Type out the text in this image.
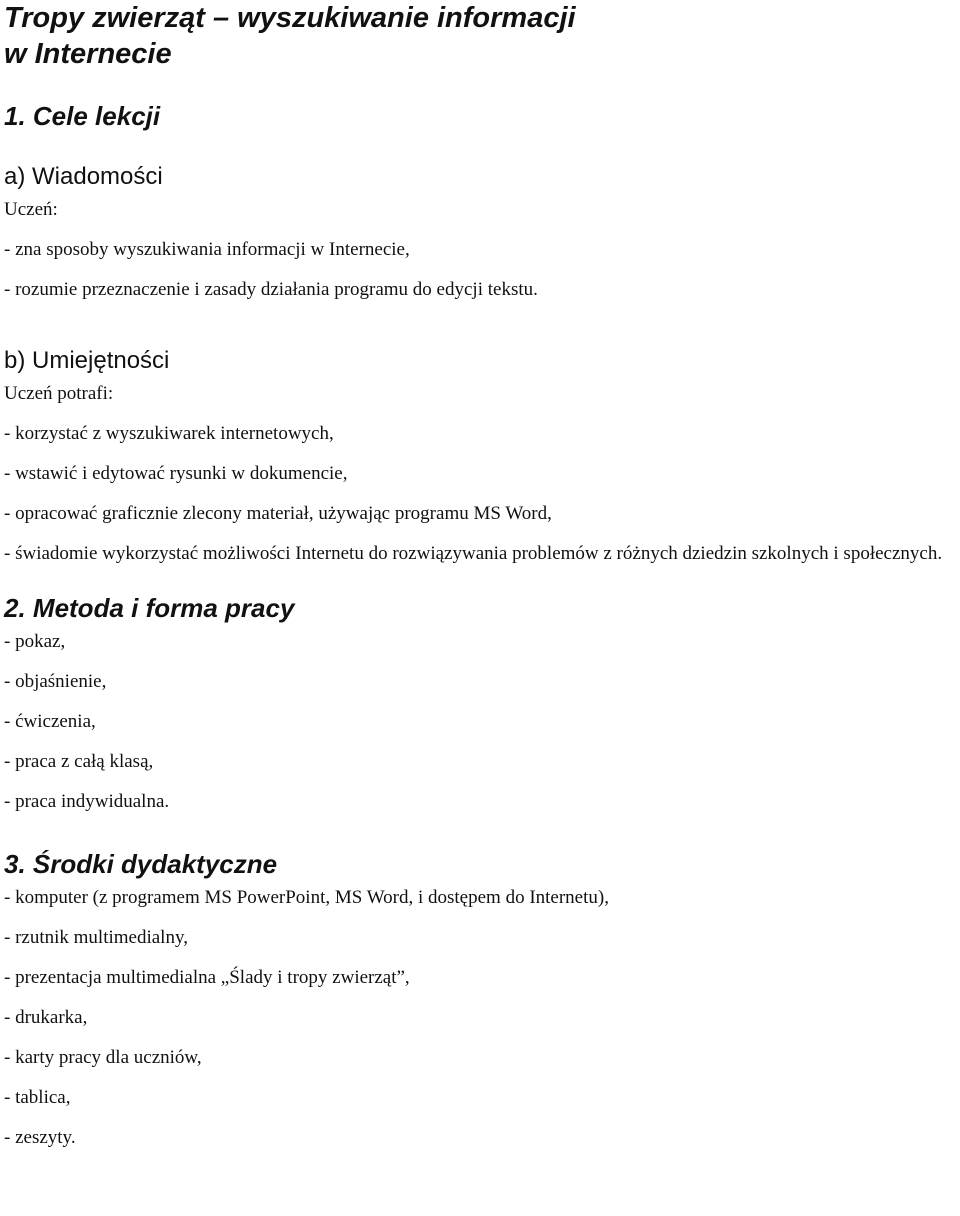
Tropy zwierząt – wyszukiwanie informacji
w Internecie
1. Cele lekcji
a) Wiadomości

Uczeń:

- zna sposoby wyszukiwania informacji w Internecie,
- rozumie przeznaczenie i zasady działania programu do edycji tekstu.
b) Umiejętności

Uczeń potrafi:

- korzystać z wyszukiwarek internetowych,
- wstawić i edytować rysunki w dokumencie,
- opracować graficznie zlecony materiał, używając programu MS Word,
- świadomie wykorzystać możliwości Internetu do rozwiązywania problemów z różnych dziedzin szkolnych i społecznych.
2. Metoda i forma pracy
- pokaz,
- objaśnienie,
- ćwiczenia,
- praca z całą klasą,
- praca indywidualna.
3. Środki dydaktyczne
- komputer (z programem MS PowerPoint, MS Word, i dostępem do Internetu),
- rzutnik multimedialny,
- prezentacja multimedialna „Ślady i tropy zwierząt”,
- drukarka,
- karty pracy dla uczniów,
- tablica,
- zeszyty.
